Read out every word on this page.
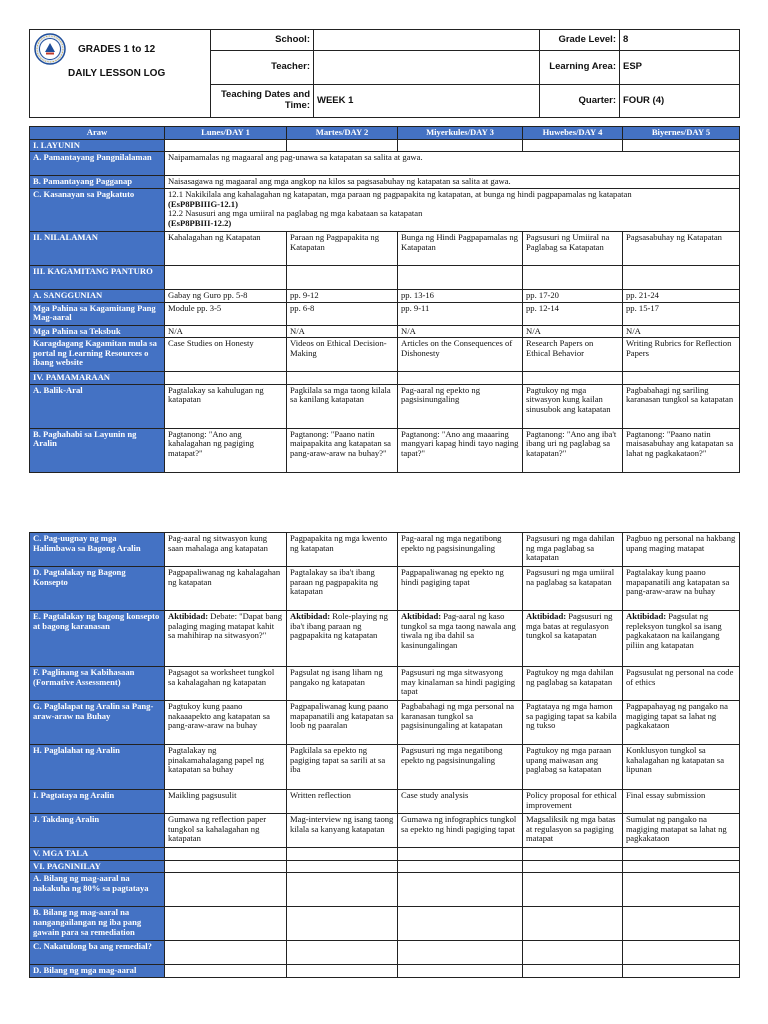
GRADES 1 to 12
DAILY LESSON LOG	School:		Grade Level:	8
	Teacher:		Learning Area:	ESP
	Teaching Dates and Time:	WEEK 1	Quarter:	FOUR (4)
Araw	Lunes/DAY 1	Martes/DAY 2	Miyerkules/DAY 3	Huwebes/DAY 4	Biyernes/DAY 5
I. LAYUNIN					
A. Pamantayang Pangnilalaman	Naipamamalas ng magaaral ang pag-unawa sa katapatan sa salita at gawa.				
B. Pamantayang Pagganap	Naisasagawa ng magaaral ang mga angkop na kilos sa pagsasabuhay ng katapatan sa salita at gawa.				
C. Kasanayan sa Pagkatuto	12.1 Nakikilala ang kahalagahan ng katapatan, mga paraan ng pagpapakita ng katapatan, at bunga ng hindi pagpapamalas ng katapatan
(EsP8PBIIIG-12.1)
12.2 Nasusuri ang mga umiiral na paglabag ng mga kabataan sa katapatan
(EsP8PBIII-12.2)				
II. NILALAMAN	Kahalagahan ng Katapatan	Paraan ng Pagpapakita ng Katapatan	Bunga ng Hindi Pagpapamalas ng Katapatan	Pagsusuri ng Umiiral na Paglabag sa Katapatan	Pagsasabuhay ng Katapatan
III. KAGAMITANG PANTURO					
A. SANGGUNIAN	Gabay ng Guro pp. 5-8	pp. 9-12	pp. 13-16	pp. 17-20	pp. 21-24
Mga Pahina sa Kagamitang Pang Mag-aaral	Module pp. 3-5	pp. 6-8	pp. 9-11	pp. 12-14	pp. 15-17
Mga Pahina sa Teksbuk	N/A	N/A	N/A	N/A	N/A
Karagdagang Kagamitan mula sa portal ng Learning Resources o ibang website	Case Studies on Honesty	Videos on Ethical Decision-Making	Articles on the Consequences of Dishonesty	Research Papers on Ethical Behavior	Writing Rubrics for Reflection Papers
IV. PAMAMARAAN					
A. Balik-Aral	Pagtalakay sa kahulugan ng katapatan	Pagkilala sa mga taong kilala sa kanilang katapatan	Pag-aaral ng epekto ng pagsisinungaling	Pagtukoy ng mga sitwasyon kung kailan sinusubok ang katapatan	Pagbabahagi ng sariling karanasan tungkol sa katapatan
B. Paghahabi sa Layunin ng Aralin	Pagtanong: "Ano ang kahalagahan ng pagiging matapat?"	Pagtanong: "Paano natin maipapakita ang katapatan sa pang-araw-araw na buhay?"	Pagtanong: "Ano ang maaaring mangyari kapag hindi tayo naging tapat?"	Pagtanong: "Ano ang iba't ibang uri ng paglabag sa katapatan?"	Pagtanong: "Paano natin maisasabuhay ang katapatan sa lahat ng pagkakataon?"
C. Pag-uugnay ng mga Halimbawa sa Bagong Aralin	Pag-aaral ng sitwasyon kung saan mahalaga ang katapatan	Pagpapakita ng mga kwento ng katapatan	Pag-aaral ng mga negatibong epekto ng pagsisinungaling	Pagsusuri ng mga dahilan ng mga paglabag sa katapatan	Pagbuo ng personal na hakbang upang maging matapat
D. Pagtalakay ng Bagong Konsepto	Pagpapaliwanag ng kahalagahan ng katapatan	Pagtalakay sa iba't ibang paraan ng pagpapakita ng katapatan	Pagpapaliwanag ng epekto ng hindi pagiging tapat	Pagsusuri ng mga umiiral na paglabag sa katapatan	Pagtalakay kung paano mapapanatili ang katapatan sa pang-araw-araw na buhay
E. Pagtalakay ng bagong konsepto at bagong karanasan	Aktibidad: Debate: "Dapat bang palaging maging matapat kahit sa mahihirap na sitwasyon?"	Aktibidad: Role-playing ng iba't ibang paraan ng pagpapakita ng katapatan	Aktibidad: Pag-aaral ng kaso tungkol sa mga taong nawala ang tiwala ng iba dahil sa kasinungalingan	Aktibidad: Pagsusuri ng mga batas at regulasyon tungkol sa katapatan	Aktibidad: Pagsulat ng repleksyon tungkol sa isang pagkakataon na kailangang piliin ang katapatan
F. Paglinang sa Kabihasaan (Formative Assessment)	Pagsagot sa worksheet tungkol sa kahalagahan ng katapatan	Pagsulat ng isang liham ng pangako ng katapatan	Pagsusuri ng mga sitwasyong may kinalaman sa hindi pagiging tapat	Pagtukoy ng mga dahilan ng paglabag sa katapatan	Pagsusulat ng personal na code of ethics
G. Paglalapat ng Aralin sa Pang-araw-araw na Buhay	Pagtukoy kung paano nakaaapekto ang katapatan sa pang-araw-araw na buhay	Pagpapaliwanag kung paano mapapanatili ang katapatan sa loob ng paaralan	Pagbabahagi ng mga personal na karanasan tungkol sa pagsisinungaling at katapatan	Pagtataya ng mga hamon sa pagiging tapat sa kabila ng tukso	Pagpapahayag ng pangako na magiging tapat sa lahat ng pagkakataon
H. Paglalahat ng Aralin	Pagtalakay ng pinakamahalagang papel ng katapatan sa buhay	Pagkilala sa epekto ng pagiging tapat sa sarili at sa iba	Pagsusuri ng mga negatibong epekto ng pagsisinungaling	Pagtukoy ng mga paraan upang maiwasan ang paglabag sa katapatan	Konklusyon tungkol sa kahalagahan ng katapatan sa lipunan
I. Pagtataya ng Aralin	Maikling pagsusulit	Written reflection	Case study analysis	Policy proposal for ethical improvement	Final essay submission
J. Takdang Aralin	Gumawa ng reflection paper tungkol sa kahalagahan ng katapatan	Mag-interview ng isang taong kilala sa kanyang katapatan	Gumawa ng infographics tungkol sa epekto ng hindi pagiging tapat	Magsaliksik ng mga batas at regulasyon sa pagiging matapat	Sumulat ng pangako na magiging matapat sa lahat ng pagkakataon
V. MGA TALA					
VI. PAGNINILAY					
A. Bilang ng mag-aaral na nakakuha ng 80% sa pagtataya					
B. Bilang ng mag-aaral na nangangailangan ng iba pang gawain para sa remediation					
C. Nakatulong ba ang remedial?					
D. Bilang ng mga mag-aaral					
